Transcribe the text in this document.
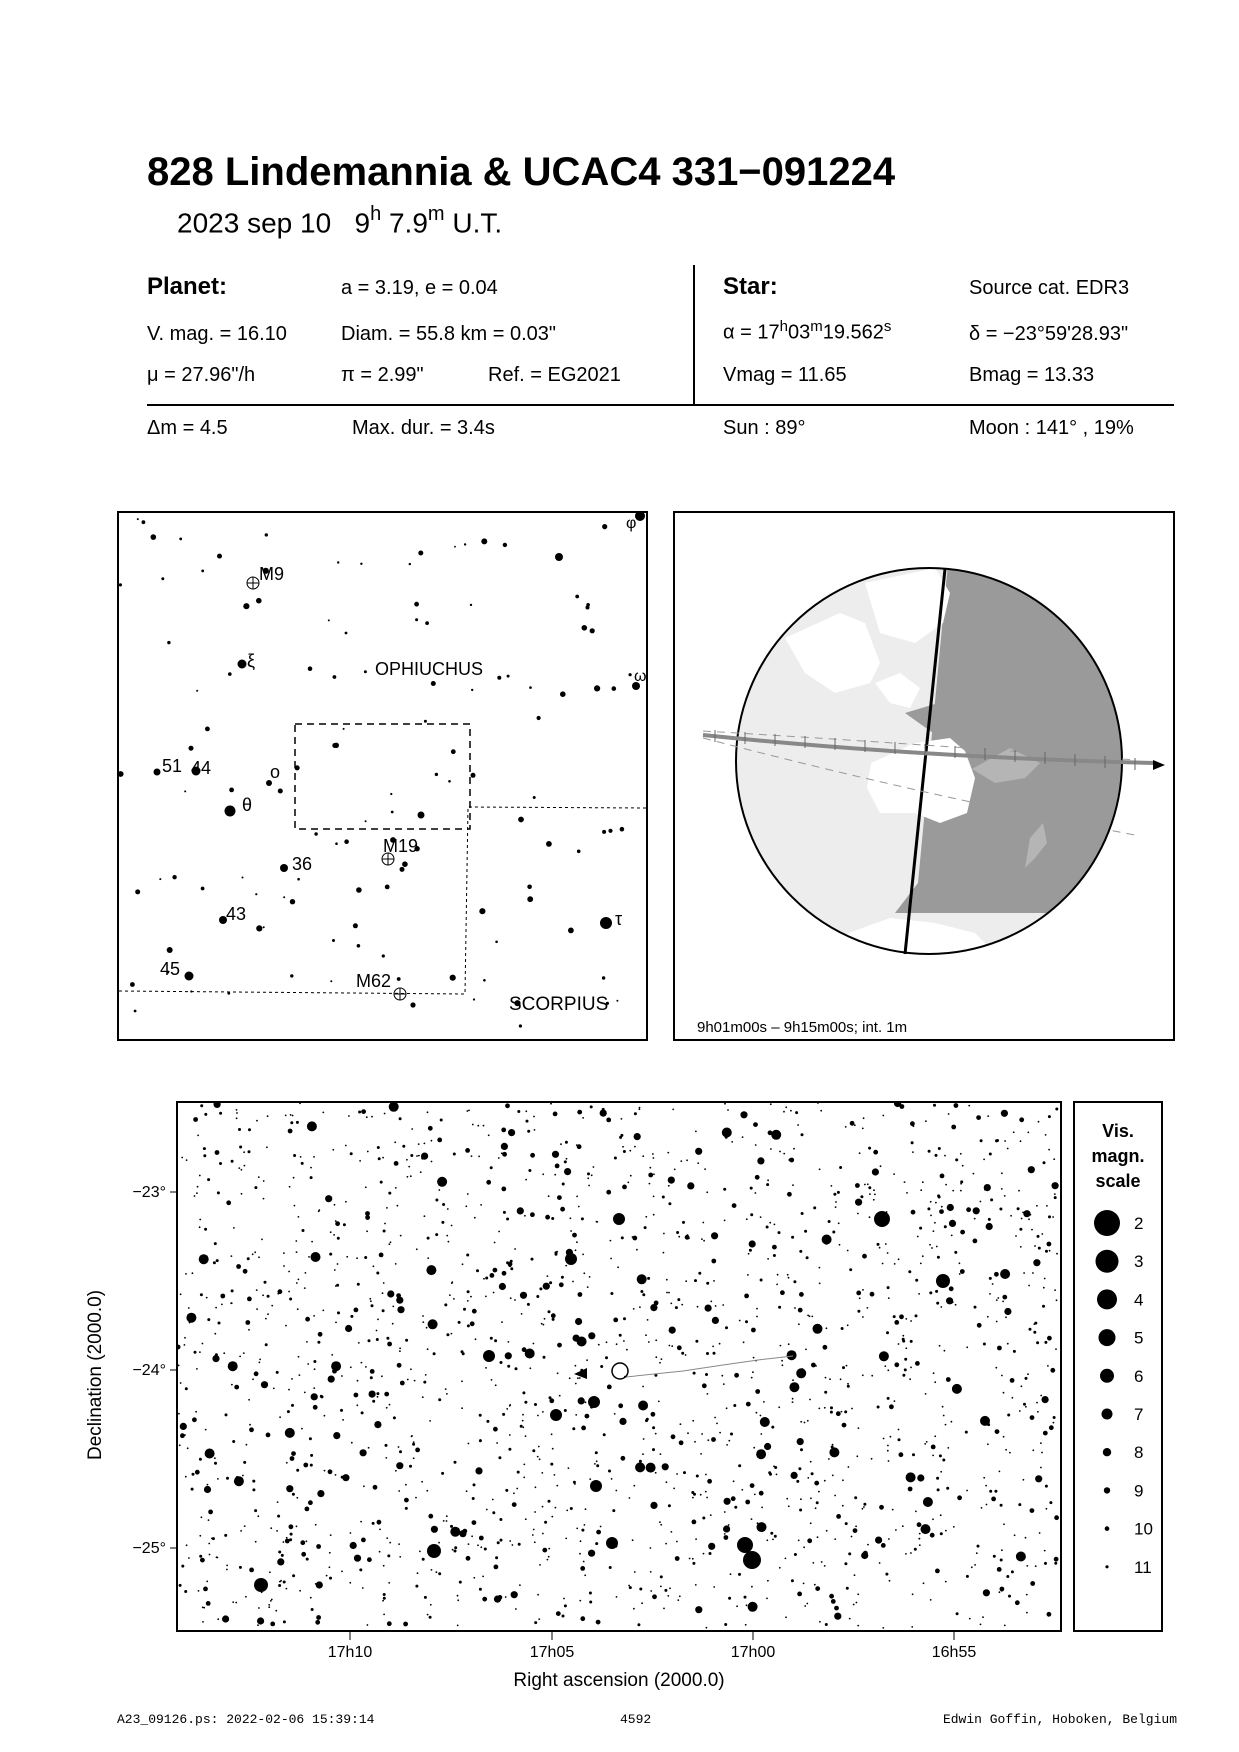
828 Lindemannia & UCAC4 331−091224
2023 sep 10 9$^h$ 7.9$^m$ U.T.
Planet:	a = 3.19, e = 0.04
V. mag. = 16.10	Diam. = 55.8 km = 0.03"
μ = 27.96"/h	π = 2.99"	Ref. = EG2021
Star:	Source cat. EDR3
$\alpha = 17^h03^m19.562^s$	δ = −23°59'28.93"
Vmag = 11.65	Bmag = 13.33
Δm = 4.5	Max. dur. = 3.4s	Sun : 89°	Moon : 141° , 19%
M9
M19
M62
OPHIUCHUS
SCORPIUS
ξ
o
θ
φ
ω
τ
51 44
36
43
45
9h01m00s – 9h15m00s; int. 1m
−23°
−24°
−25°
Declination (2000.0)
17h10	17h05	17h00	16h55
Right ascension (2000.0)
Vis.
magn.
scale
2
3
4
5
6
7
8
9
10
11
A23_09126.ps: 2022-02-06 15:39:14	4592	Edwin Goffin, Hoboken, Belgium
